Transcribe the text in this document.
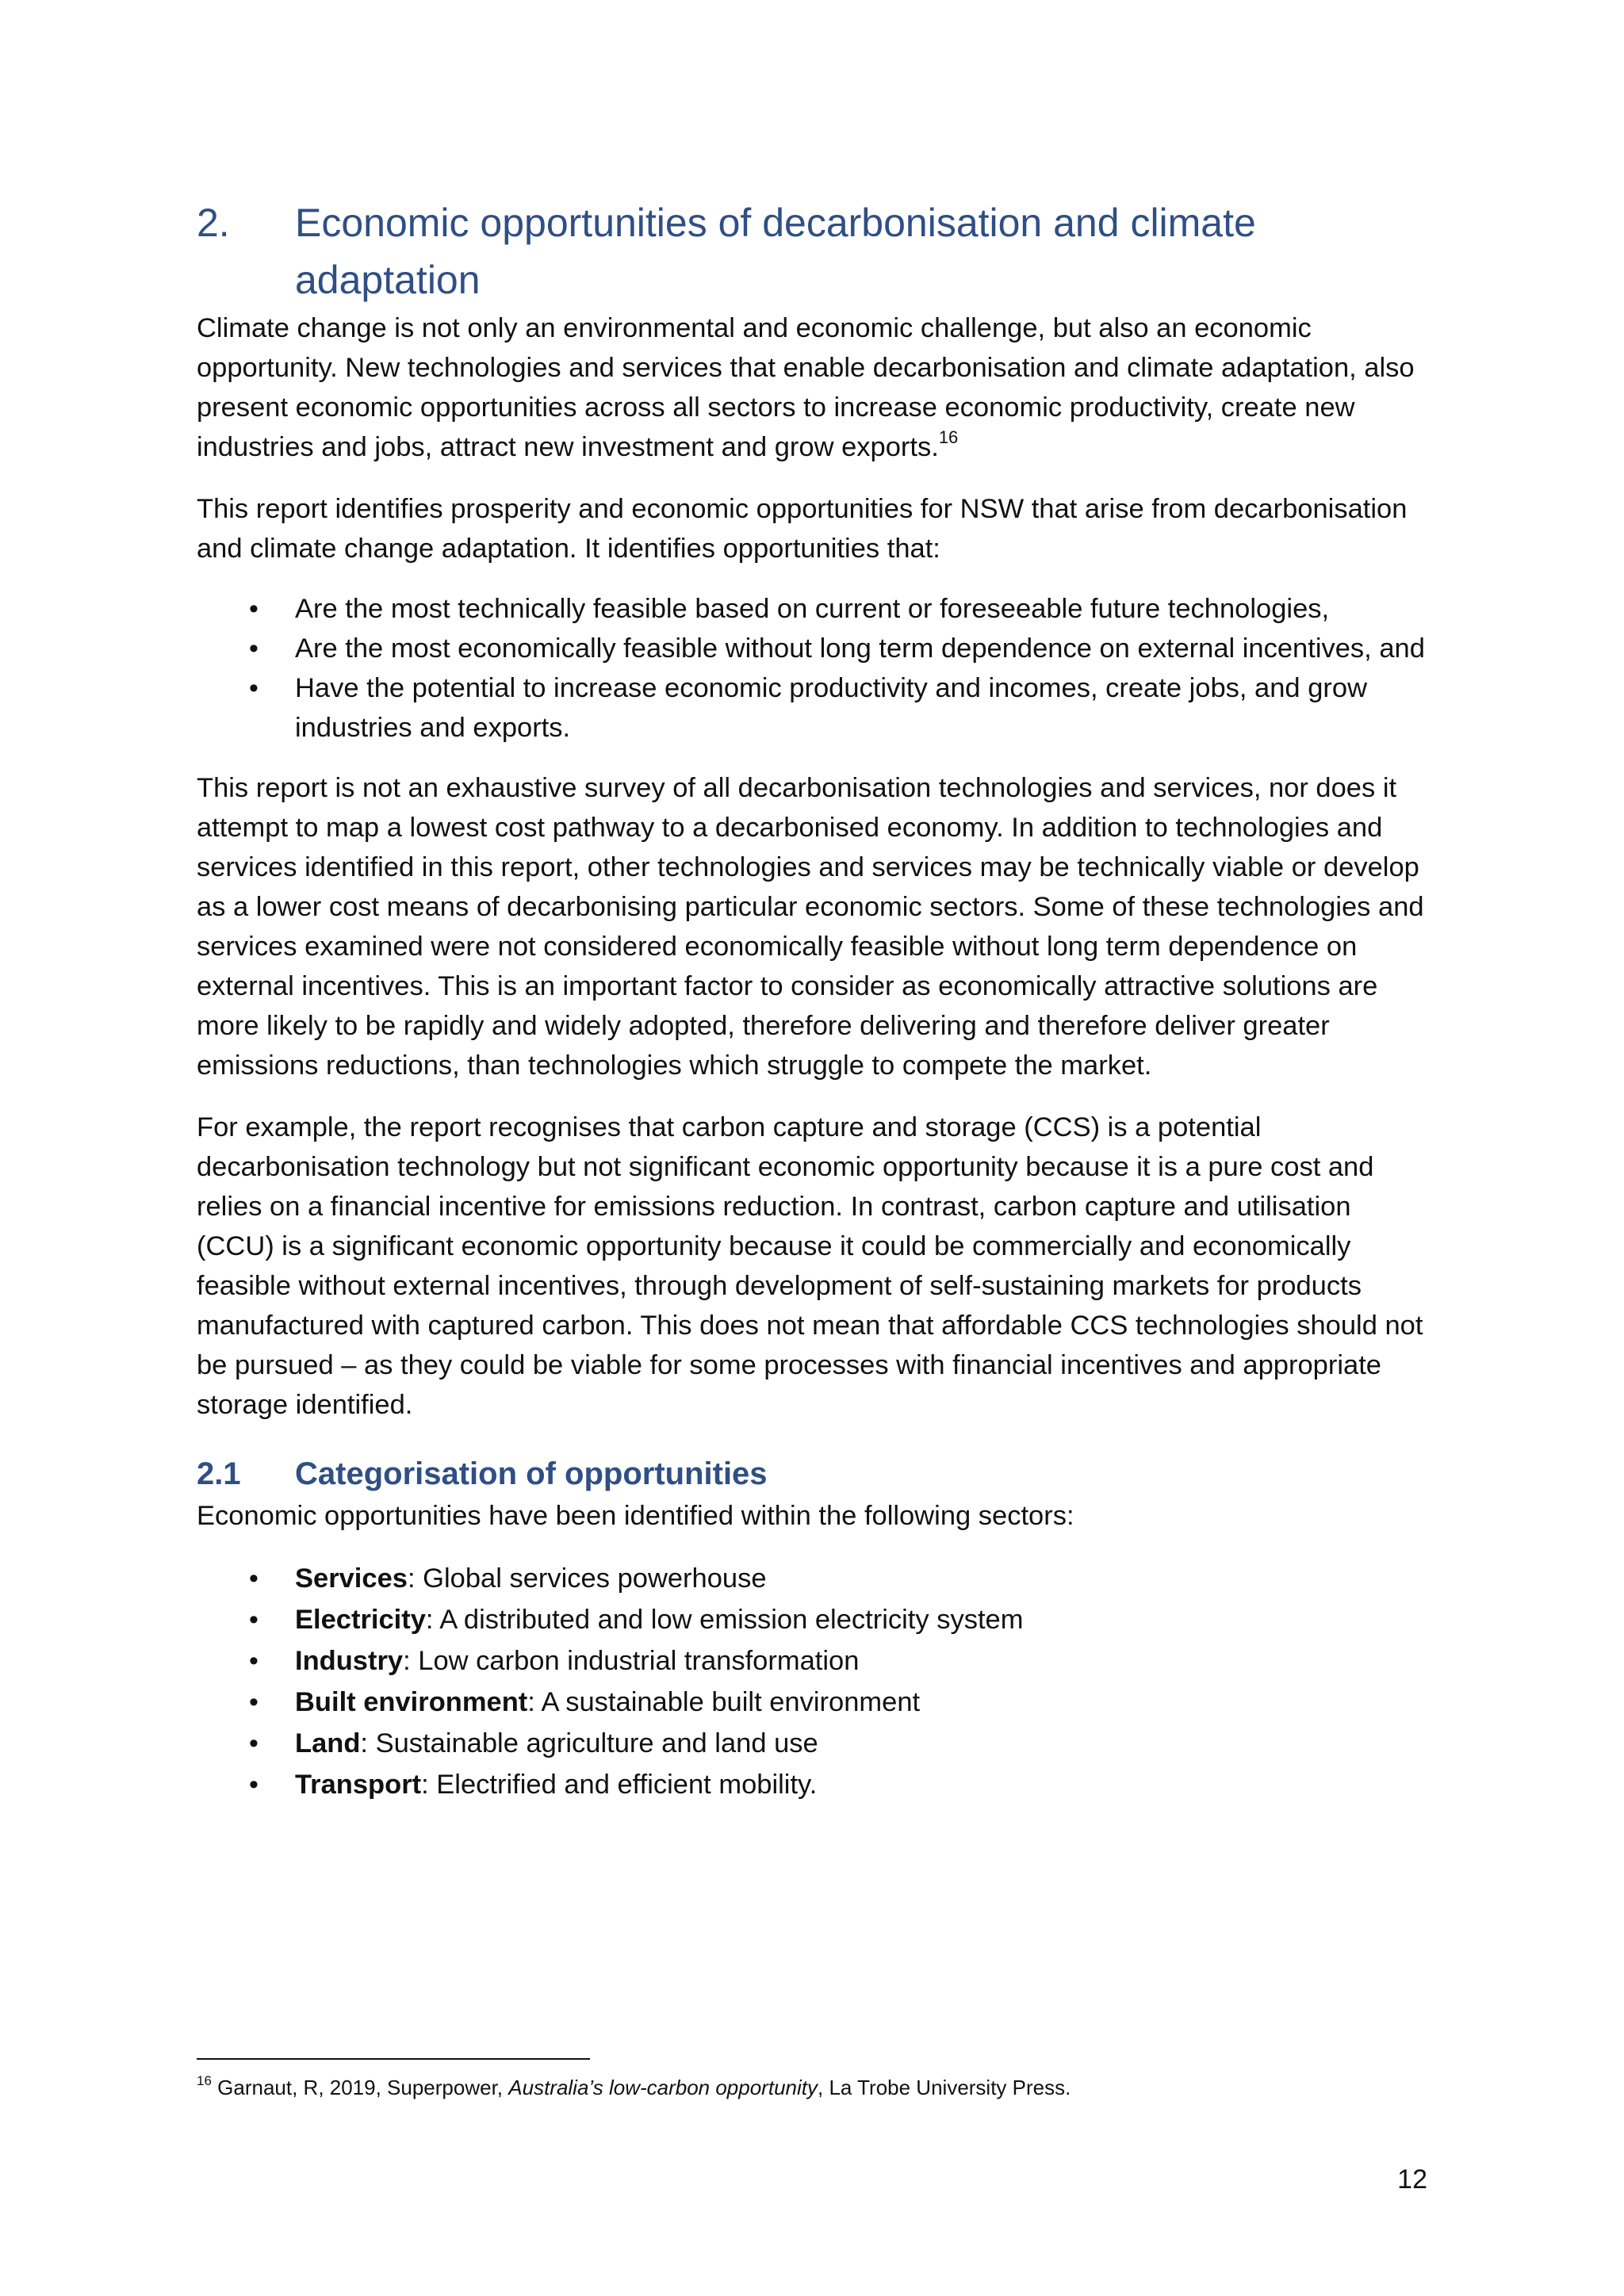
2.	Economic opportunities of decarbonisation and climate adaptation

Climate change is not only an environmental and economic challenge, but also an economic opportunity. New technologies and services that enable decarbonisation and climate adaptation, also present economic opportunities across all sectors to increase economic productivity, create new industries and jobs, attract new investment and grow exports.$^{16}$

This report identifies prosperity and economic opportunities for NSW that arise from decarbonisation and climate change adaptation. It identifies opportunities that:

• Are the most technically feasible based on current or foreseeable future technologies,
• Are the most economically feasible without long term dependence on external incentives, and
• Have the potential to increase economic productivity and incomes, create jobs, and grow industries and exports.

This report is not an exhaustive survey of all decarbonisation technologies and services, nor does it attempt to map a lowest cost pathway to a decarbonised economy. In addition to technologies and services identified in this report, other technologies and services may be technically viable or develop as a lower cost means of decarbonising particular economic sectors. Some of these technologies and services examined were not considered economically feasible without long term dependence on external incentives. This is an important factor to consider as economically attractive solutions are more likely to be rapidly and widely adopted, therefore delivering and therefore deliver greater emissions reductions, than technologies which struggle to compete the market.

For example, the report recognises that carbon capture and storage (CCS) is a potential decarbonisation technology but not significant economic opportunity because it is a pure cost and relies on a financial incentive for emissions reduction. In contrast, carbon capture and utilisation (CCU) is a significant economic opportunity because it could be commercially and economically feasible without external incentives, through development of self-sustaining markets for products manufactured with captured carbon. This does not mean that affordable CCS technologies should not be pursued – as they could be viable for some processes with financial incentives and appropriate storage identified.

2.1	Categorisation of opportunities

Economic opportunities have been identified within the following sectors:

• Services: Global services powerhouse
• Electricity: A distributed and low emission electricity system
• Industry: Low carbon industrial transformation
• Built environment: A sustainable built environment
• Land: Sustainable agriculture and land use
• Transport: Electrified and efficient mobility.
$^{16}$ Garnaut, R, 2019, Superpower, Australia’s low-carbon opportunity, La Trobe University Press.
12
